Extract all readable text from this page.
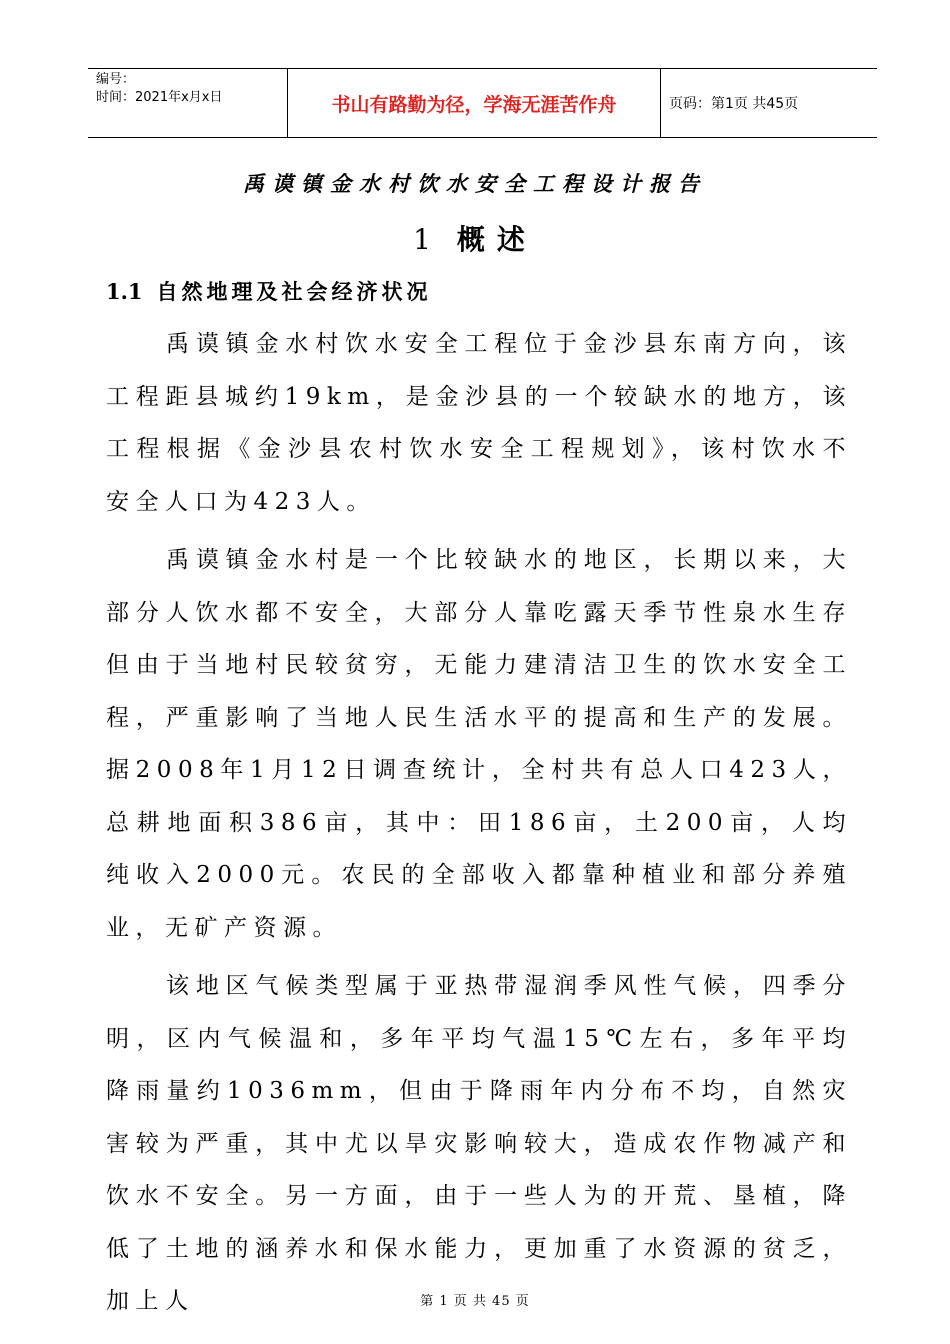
编号：
时间：2021年x月x日	书山有路勤为径，学海无涯苦作舟	页码：第1页 共45页
禹谟镇金水村饮水安全工程设计报告
1 概述
1.1 自然地理及社会经济状况

禹谟镇金水村饮水安全工程位于金沙县东南方向，该工程距县城约19km，是金沙县的一个较缺水的地方，该工程根据《金沙县农村饮水安全工程规划》，该村饮水不安全人口为423人。

禹谟镇金水村是一个比较缺水的地区，长期以来，大部分人饮水都不安全，大部分人靠吃露天季节性泉水生存但由于当地村民较贫穷，无能力建清洁卫生的饮水安全工程，严重影响了当地人民生活水平的提高和生产的发展。据2008年1月12日调查统计，全村共有总人口423人，总耕地面积386亩，其中：田186亩，土200亩，人均纯收入2000元。农民的全部收入都靠种植业和部分养殖业，无矿产资源。

该地区气候类型属于亚热带湿润季风性气候，四季分明，区内气候温和，多年平均气温15℃左右，多年平均降雨量约1036mm，但由于降雨年内分布不均，自然灾害较为严重，其中尤以旱灾影响较大，造成农作物减产和饮水不安全。另一方面，由于一些人为的开荒、垦植，降低了土地的涵养水和保水能力，更加重了水资源的贫乏，加上人	第 1 页 共 45 页
